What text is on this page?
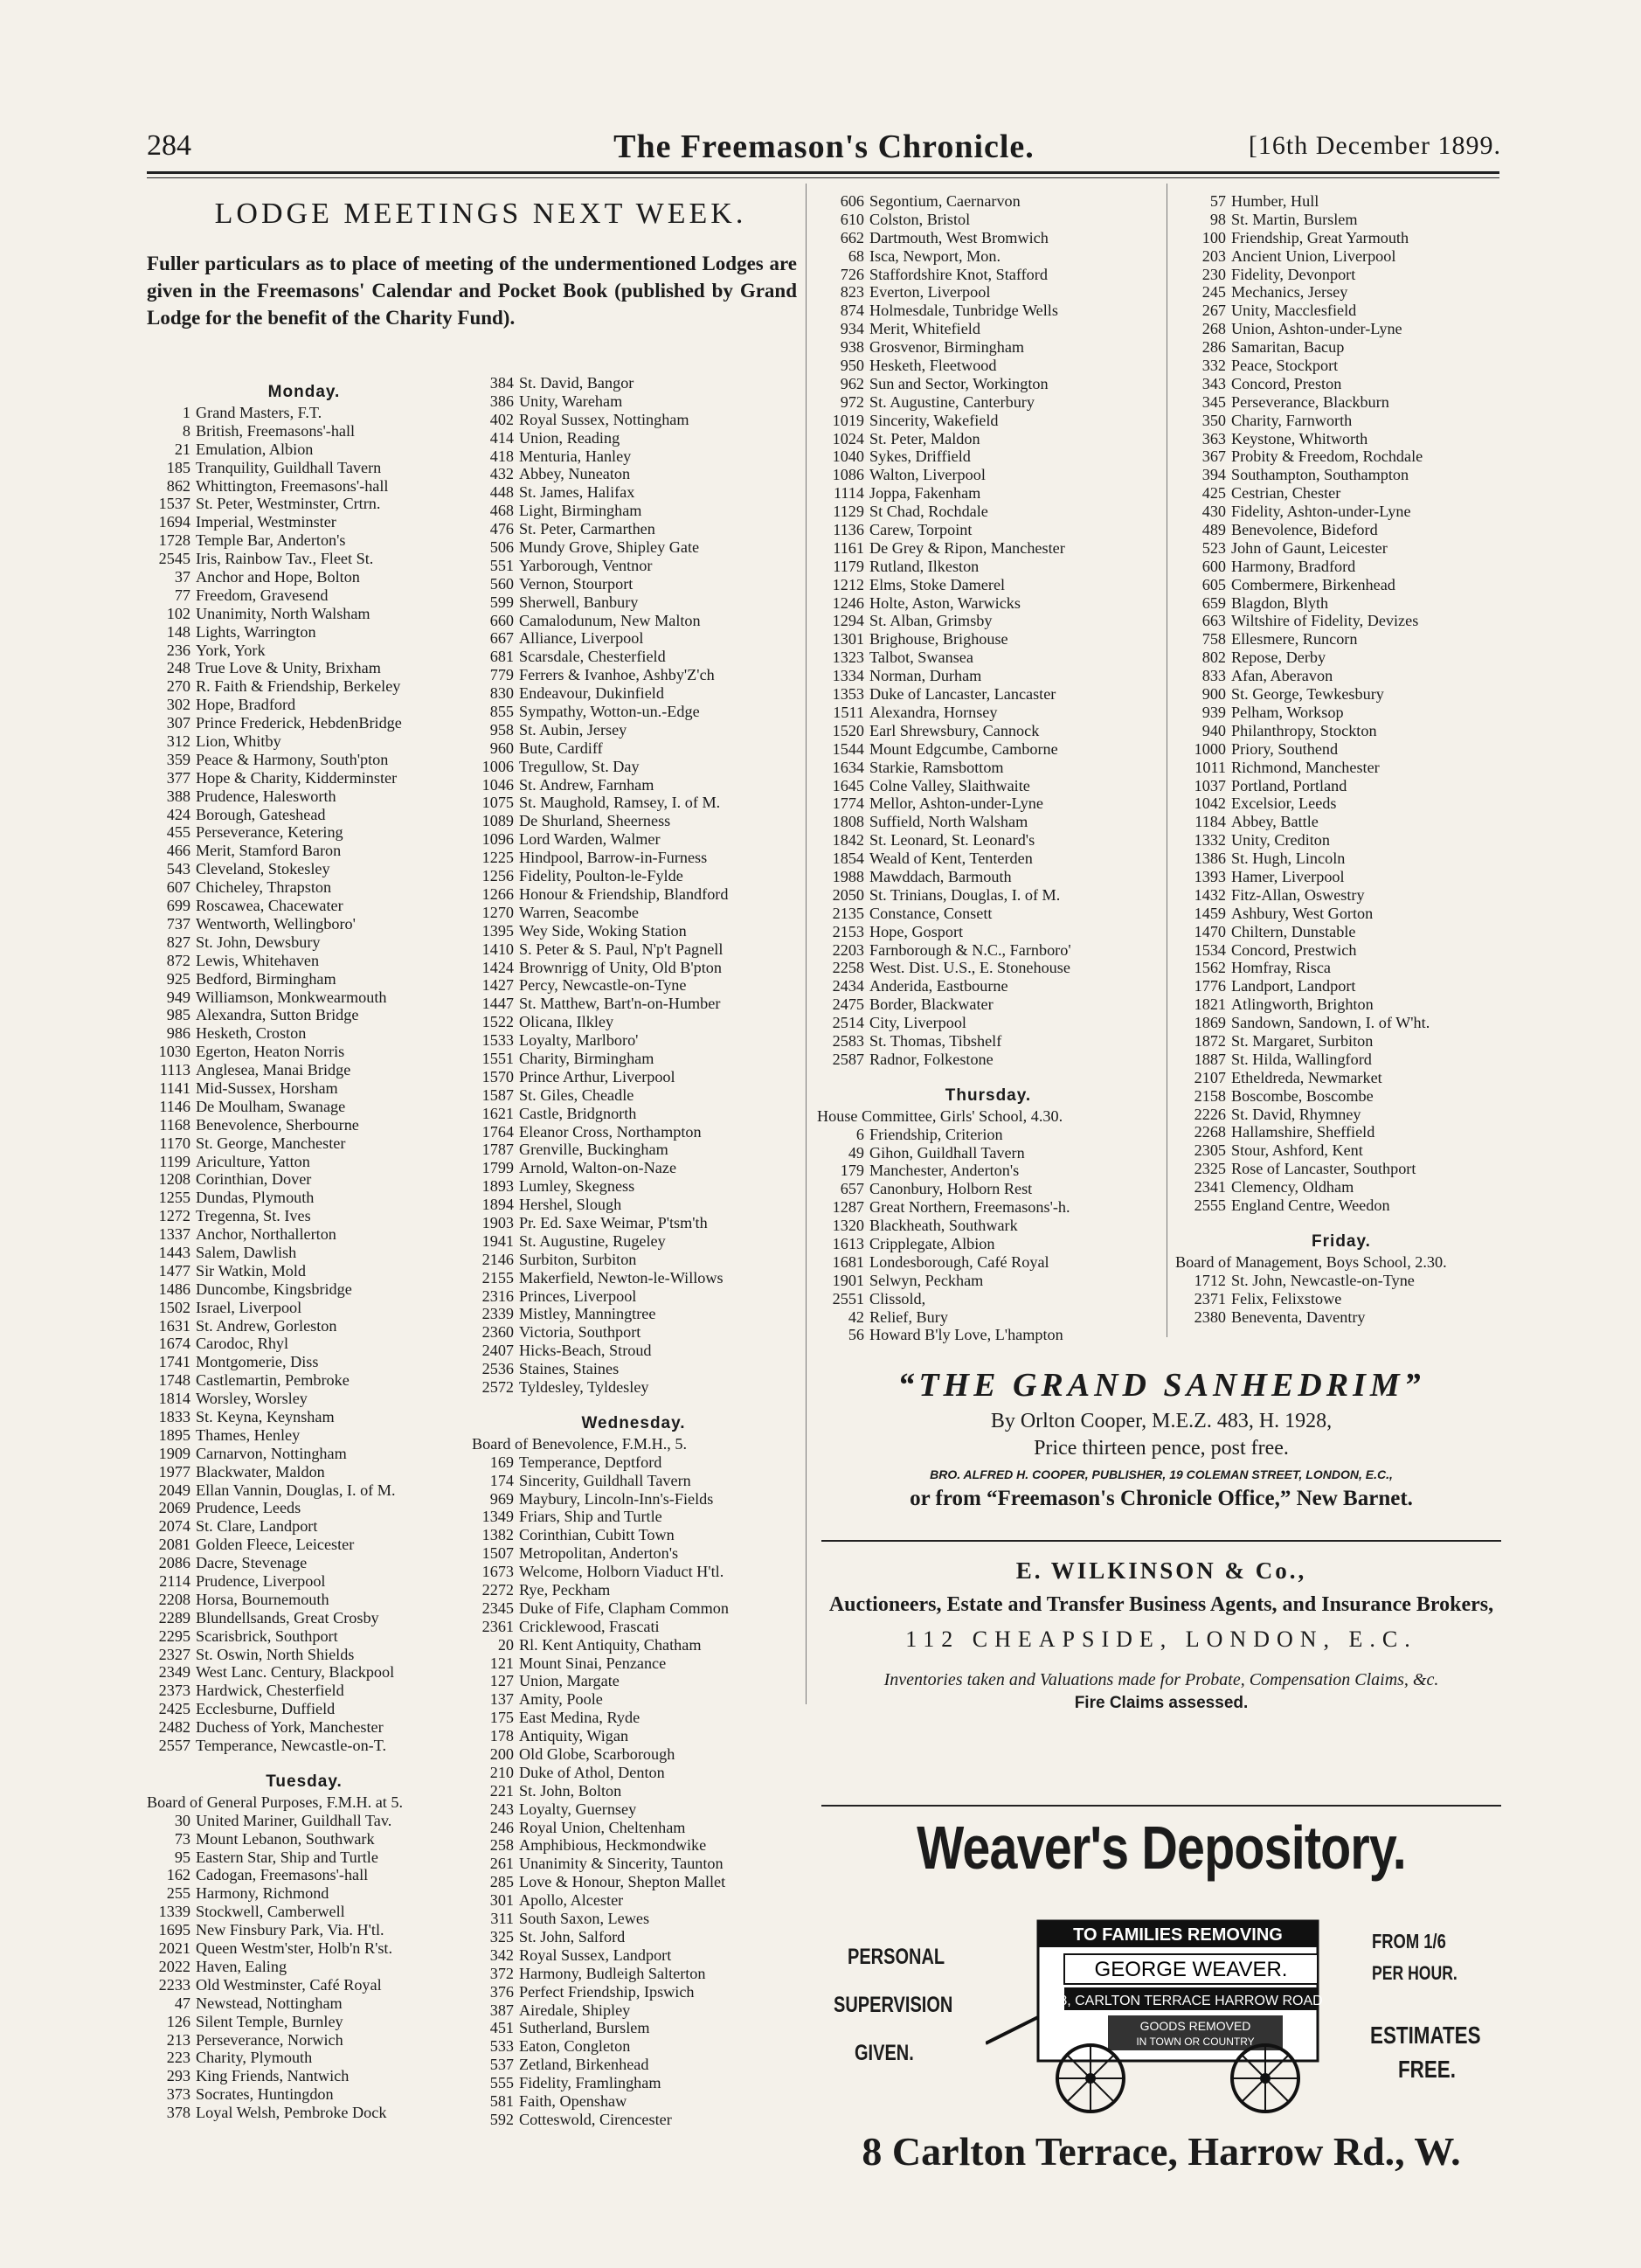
284	The Freemason's Chronicle.	[16th December 1899.
LODGE MEETINGS NEXT WEEK.
Fuller particulars as to place of meeting of the undermentioned Lodges are given in the Freemasons' Calendar and Pocket Book (published by Grand Lodge for the benefit of the Charity Fund).
Monday.
1 Grand Masters, F.T.
8 British, Freemasons'-hall
21 Emulation, Albion
185 Tranquility, Guildhall Tavern
862 Whittington, Freemasons'-hall
1537 St. Peter, Westminster, Crtrn.
1694 Imperial, Westminster
1728 Temple Bar, Anderton's
2545 Iris, Rainbow Tav., Fleet St.
37 Anchor and Hope, Bolton
77 Freedom, Gravesend
102 Unanimity, North Walsham
148 Lights, Warrington
236 York, York
248 True Love & Unity, Brixham
270 R. Faith & Friendship, Berkeley
302 Hope, Bradford
307 Prince Frederick, HebdenBridge
312 Lion, Whitby
359 Peace & Harmony, South'pton
377 Hope & Charity, Kidderminster
388 Prudence, Halesworth
424 Borough, Gateshead
455 Perseverance, Ketering
466 Merit, Stamford Baron
543 Cleveland, Stokesley
607 Chicheley, Thrapston
699 Roscawea, Chacewater
737 Wentworth, Wellingboro'
827 St. John, Dewsbury
872 Lewis, Whitehaven
925 Bedford, Birmingham
949 Williamson, Monkwearmouth
985 Alexandra, Sutton Bridge
986 Hesketh, Croston
1030 Egerton, Heaton Norris
1113 Anglesea, Manai Bridge
1141 Mid-Sussex, Horsham
1146 De Moulham, Swanage
1168 Benevolence, Sherbourne
1170 St. George, Manchester
1199 Ariculture, Yatton
1208 Corinthian, Dover
1255 Dundas, Plymouth
1272 Tregenna, St. Ives
1337 Anchor, Northallerton
1443 Salem, Dawlish
1477 Sir Watkin, Mold
1486 Duncombe, Kingsbridge
1502 Israel, Liverpool
1631 St. Andrew, Gorleston
1674 Carodoc, Rhyl
1741 Montgomerie, Diss
1748 Castlemartin, Pembroke
1814 Worsley, Worsley
1833 St. Keyna, Keynsham
1895 Thames, Henley
1909 Carnarvon, Nottingham
1977 Blackwater, Maldon
2049 Ellan Vannin, Douglas, I. of M.
2069 Prudence, Leeds
2074 St. Clare, Landport
2081 Golden Fleece, Leicester
2086 Dacre, Stevenage
2114 Prudence, Liverpool
2208 Horsa, Bournemouth
2289 Blundellsands, Great Crosby
2295 Scarisbrick, Southport
2327 St. Oswin, North Shields
2349 West Lanc. Century, Blackpool
2373 Hardwick, Chesterfield
2425 Ecclesburne, Duffield
2482 Duchess of York, Manchester
2557 Temperance, Newcastle-on-T.
Tuesday.
Board of General Purposes, F.M.H. at 5.
30 United Mariner, Guildhall Tav.
73 Mount Lebanon, Southwark
95 Eastern Star, Ship and Turtle
162 Cadogan, Freemasons'-hall
255 Harmony, Richmond
1339 Stockwell, Camberwell
1695 New Finsbury Park, Via. H'tl.
2021 Queen Westm'ster, Holb'n R'st.
2022 Haven, Ealing
2233 Old Westminster, Café Royal
47 Newstead, Nottingham
126 Silent Temple, Burnley
213 Perseverance, Norwich
223 Charity, Plymouth
293 King Friends, Nantwich
373 Socrates, Huntingdon
378 Loyal Welsh, Pembroke Dock
384 St. David, Bangor
386 Unity, Wareham
402 Royal Sussex, Nottingham
414 Union, Reading
418 Menturia, Hanley
432 Abbey, Nuneaton
448 St. James, Halifax
468 Light, Birmingham
476 St. Peter, Carmarthen
506 Mundy Grove, Shipley Gate
551 Yarborough, Ventnor
560 Vernon, Stourport
599 Sherwell, Banbury
660 Camalodunum, New Malton
667 Alliance, Liverpool
681 Scarsdale, Chesterfield
779 Ferrers & Ivanhoe, Ashby'Z'ch
830 Endeavour, Dukinfield
855 Sympathy, Wotton-un.-Edge
958 St. Aubin, Jersey
960 Bute, Cardiff
1006 Tregullow, St. Day
1046 St. Andrew, Farnham
1075 St. Maughold, Ramsey, I. of M.
1089 De Shurland, Sheerness
1096 Lord Warden, Walmer
1225 Hindpool, Barrow-in-Furness
1256 Fidelity, Poulton-le-Fylde
1266 Honour & Friendship, Blandford
1270 Warren, Seacombe
1395 Wey Side, Woking Station
1410 S. Peter & S. Paul, N'p't Pagnell
1424 Brownrigg of Unity, Old B'pton
1427 Percy, Newcastle-on-Tyne
1447 St. Matthew, Bart'n-on-Humber
1522 Olicana, Ilkley
1533 Loyalty, Marlboro'
1551 Charity, Birmingham
1570 Prince Arthur, Liverpool
1587 St. Giles, Cheadle
1621 Castle, Bridgnorth
1764 Eleanor Cross, Northampton
1787 Grenville, Buckingham
1799 Arnold, Walton-on-Naze
1893 Lumley, Skegness
1894 Hershel, Slough
1903 Pr. Ed. Saxe Weimar, P'tsm'th
1941 St. Augustine, Rugeley
2146 Surbiton, Surbiton
2155 Makerfield, Newton-le-Willows
2316 Princes, Liverpool
2339 Mistley, Manningtree
2360 Victoria, Southport
2407 Hicks-Beach, Stroud
2536 Staines, Staines
2572 Tyldesley, Tyldesley
Wednesday.
Board of Benevolence, F.M.H., 5.
169 Temperance, Deptford
174 Sincerity, Guildhall Tavern
969 Maybury, Lincoln-Inn's-Fields
1349 Friars, Ship and Turtle
1382 Corinthian, Cubitt Town
1507 Metropolitan, Anderton's
1673 Welcome, Holborn Viaduct H'tl.
2272 Rye, Peckham
2345 Duke of Fife, Clapham Common
2361 Cricklewood, Frascati
20 Rl. Kent Antiquity, Chatham
121 Mount Sinai, Penzance
127 Union, Margate
137 Amity, Poole
175 East Medina, Ryde
178 Antiquity, Wigan
200 Old Globe, Scarborough
210 Duke of Athol, Denton
221 St. John, Bolton
243 Loyalty, Guernsey
246 Royal Union, Cheltenham
258 Amphibious, Heckmondwike
261 Unanimity & Sincerity, Taunton
285 Love & Honour, Shepton Mallet
301 Apollo, Alcester
311 South Saxon, Lewes
325 St. John, Salford
342 Royal Sussex, Landport
372 Harmony, Budleigh Salterton
376 Perfect Friendship, Ipswich
387 Airedale, Shipley
451 Sutherland, Burslem
533 Eaton, Congleton
537 Zetland, Birkenhead
555 Fidelity, Framlingham
581 Faith, Openshaw
592 Cotteswold, Cirencester
606 Segontium, Caernarvon
610 Colston, Bristol
662 Dartmouth, West Bromwich
68 Isca, Newport, Mon.
726 Staffordshire Knot, Stafford
823 Everton, Liverpool
874 Holmesdale, Tunbridge Wells
934 Merit, Whitefield
938 Grosvenor, Birmingham
950 Hesketh, Fleetwood
962 Sun and Sector, Workington
972 St. Augustine, Canterbury
1019 Sincerity, Wakefield
1024 St. Peter, Maldon
1040 Sykes, Driffield
1086 Walton, Liverpool
1114 Joppa, Fakenham
1129 St Chad, Rochdale
1136 Carew, Torpoint
1161 De Grey & Ripon, Manchester
1179 Rutland, Ilkeston
1212 Elms, Stoke Damerel
1246 Holte, Aston, Warwicks
1294 St. Alban, Grimsby
1301 Brighouse, Brighouse
1323 Talbot, Swansea
1334 Norman, Durham
1353 Duke of Lancaster, Lancaster
1511 Alexandra, Hornsey
1520 Earl Shrewsbury, Cannock
1544 Mount Edgcumbe, Camborne
1634 Starkie, Ramsbottom
1645 Colne Valley, Slaithwaite
1774 Mellor, Ashton-under-Lyne
1808 Suffield, North Walsham
1842 St. Leonard, St. Leonard's
1854 Weald of Kent, Tenterden
1988 Mawddach, Barmouth
2050 St. Trinians, Douglas, I. of M.
2135 Constance, Consett
2153 Hope, Gosport
2203 Farnborough & N.C., Farnboro'
2258 West. Dist. U.S., E. Stonehouse
2434 Anderida, Eastbourne
2475 Border, Blackwater
2514 City, Liverpool
2583 St. Thomas, Tibshelf
2587 Radnor, Folkestone
Thursday.
House Committee, Girls' School, 4.30.
6 Friendship, Criterion
49 Gihon, Guildhall Tavern
179 Manchester, Anderton's
657 Canonbury, Holborn Rest
1287 Great Northern, Freemasons'-h.
1320 Blackheath, Southwark
1613 Cripplegate, Albion
1681 Londesborough, Café Royal
1901 Selwyn, Peckham
2551 Clissold,
42 Relief, Bury
56 Howard B'ly Love, L'hampton
57 Humber, Hull
98 St. Martin, Burslem
100 Friendship, Great Yarmouth
203 Ancient Union, Liverpool
230 Fidelity, Devonport
245 Mechanics, Jersey
267 Unity, Macclesfield
268 Union, Ashton-under-Lyne
286 Samaritan, Bacup
332 Peace, Stockport
343 Concord, Preston
345 Perseverance, Blackburn
350 Charity, Farnworth
363 Keystone, Whitworth
367 Probity & Freedom, Rochdale
394 Southampton, Southampton
425 Cestrian, Chester
430 Fidelity, Ashton-under-Lyne
489 Benevolence, Bideford
523 John of Gaunt, Leicester
600 Harmony, Bradford
605 Combermere, Birkenhead
659 Blagdon, Blyth
663 Wiltshire of Fidelity, Devizes
758 Ellesmere, Runcorn
802 Repose, Derby
833 Afan, Aberavon
900 St. George, Tewkesbury
939 Pelham, Worksop
940 Philanthropy, Stockton
1000 Priory, Southend
1011 Richmond, Manchester
1037 Portland, Portland
1042 Excelsior, Leeds
1184 Abbey, Battle
1332 Unity, Crediton
1386 St. Hugh, Lincoln
1393 Hamer, Liverpool
1432 Fitz-Allan, Oswestry
1459 Ashbury, West Gorton
1470 Chiltern, Dunstable
1534 Concord, Prestwich
1562 Homfray, Risca
1776 Landport, Landport
1821 Atlingworth, Brighton
1869 Sandown, Sandown, I. of W'ht.
1872 St. Margaret, Surbiton
1887 St. Hilda, Wallingford
2107 Etheldreda, Newmarket
2158 Boscombe, Boscombe
2226 St. David, Rhymney
2268 Hallamshire, Sheffield
2305 Stour, Ashford, Kent
2325 Rose of Lancaster, Southport
2341 Clemency, Oldham
2555 England Centre, Weedon
Friday.
Board of Management, Boys School, 2.30.
1712 St. John, Newcastle-on-Tyne
2371 Felix, Felixstowe
2380 Beneventa, Daventry
“THE GRAND SANHEDRIM”
By Orlton Cooper, M.E.Z. 483, H. 1928,
Price thirteen pence, post free.
BRO. ALFRED H. COOPER, PUBLISHER, 19 COLEMAN STREET, LONDON, E.C.,
or from “Freemason's Chronicle Office,” New Barnet.
E. WILKINSON & Co.,
Auctioneers, Estate and Transfer Business Agents, and Insurance Brokers,
112 CHEAPSIDE, LONDON, E.C.
Inventories taken and Valuations made for Probate, Compensation Claims, &c.
Fire Claims assessed.
Weaver's Depository.
PERSONAL
SUPERVISION
GIVEN.
FROM 1/6
PER HOUR.
ESTIMATES
FREE.
TO FAMILIES REMOVING
GEORGE WEAVER.
8, CARLTON TERRACE HARROW ROAD
GOODS REMOVED
IN TOWN OR COUNTRY
8 Carlton Terrace, Harrow Rd., W.
